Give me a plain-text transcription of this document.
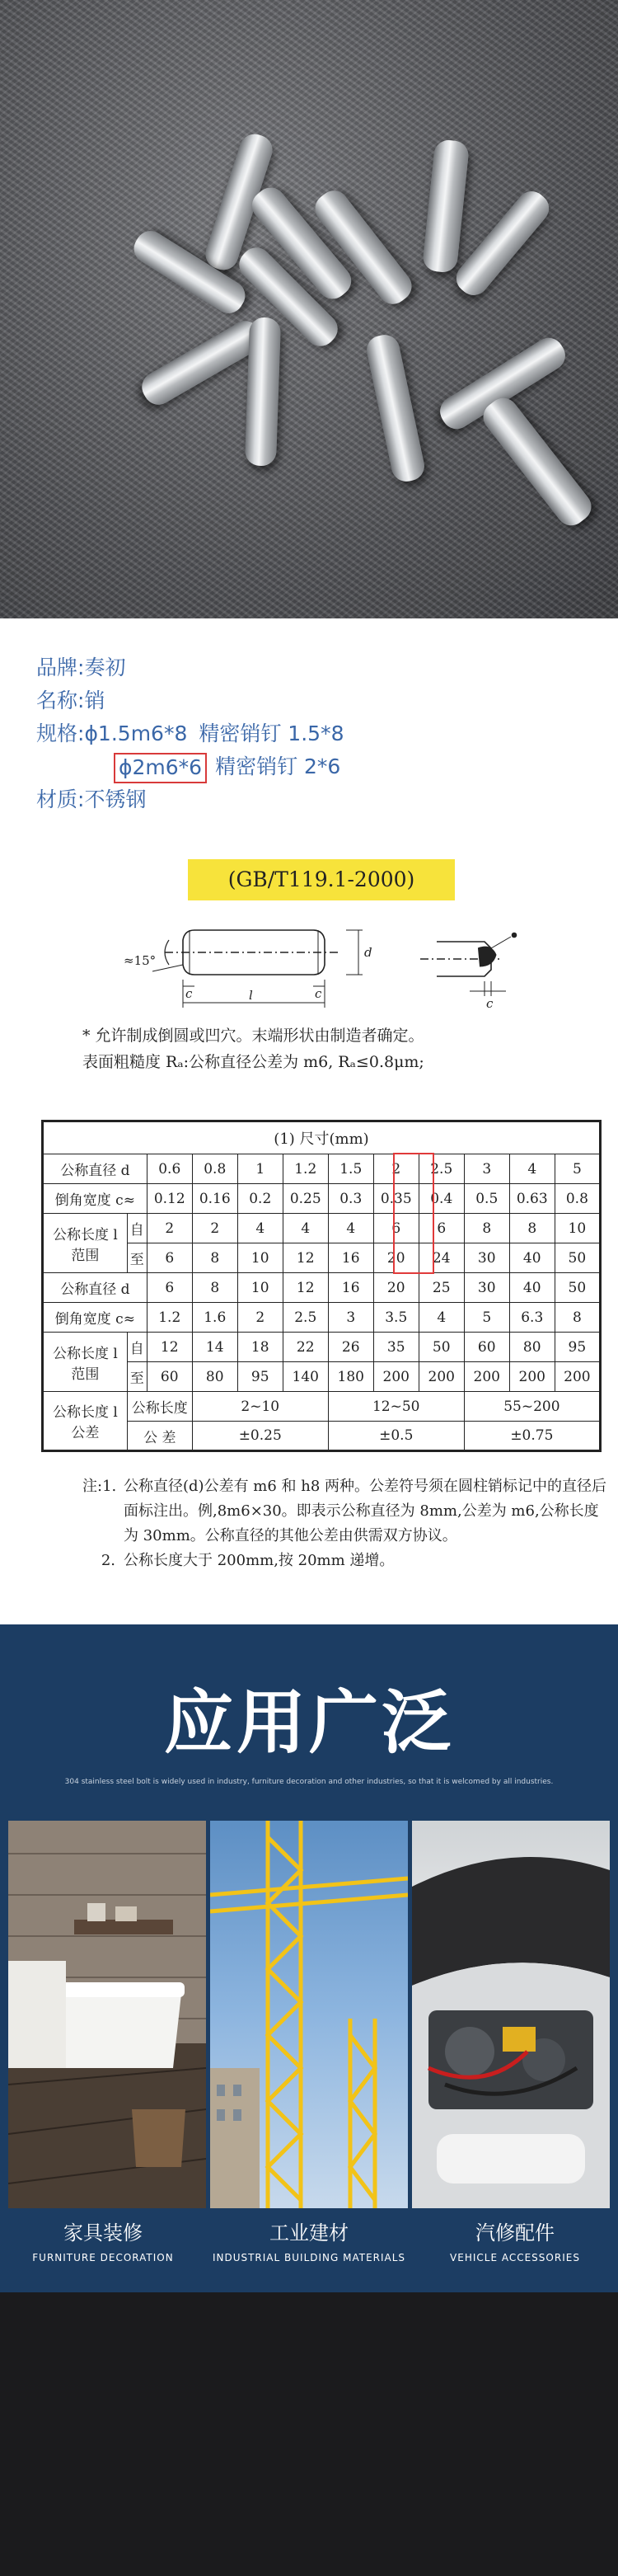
品牌: 奏初
名称: 销
规格: ϕ1.5m6*8 精密销钉 1.5*8
ϕ2m6*6 精密销钉 2*6
材质: 不锈钢
(GB/T119.1-2000)
≈15°
c	c
l
d
c
* 允许制成倒圆或凹穴。末端形状由制造者确定。
表面粗糙度 Rₐ:公称直径公差为 m6, Rₐ≤0.8μm;
(1) 尺寸(mm)											
公称直径 d		0.6	0.8	1	1.2	1.5	2	2.5	3	4	5
倒角宽度 c≈		0.12	0.16	0.2	0.25	0.3	0.35	0.4	0.5	0.63	0.8
公称长度 l 范围	自	2	2	4	4	4	6	6	8	8	10
	至	6	8	10	12	16	20	24	30	40	50
公称直径 d		6	8	10	12	16	20	25	30	40	50
倒角宽度 c≈		1.2	1.6	2	2.5	3	3.5	4	5	6.3	8
公称长度 l 范围	自	12	14	18	22	26	35	50	60	80	95
	至	60	80	95	140	180	200	200	200	200	200
公称长度 l 公差	公称长度		2~10			12~50			55~200		
	公 差		±0.25			±0.5			±0.75		
注:1. 公称直径(d)公差有 m6 和 h8 两种。公差符号须在圆柱销标记中的直径后面标注出。例,8m6×30。即表示公称直径为 8mm,公差为 m6,公称长度为 30mm。公称直径的其他公差由供需双方协议。
2. 公称长度大于 200mm,按 20mm 递增。
应用广泛
304 stainless steel bolt is widely used in industry, furniture decoration and other industries, so that it is welcomed by all industries.
家具装修
FURNITURE DECORATION
工业建材
INDUSTRIAL BUILDING MATERIALS
汽修配件
VEHICLE ACCESSORIES
